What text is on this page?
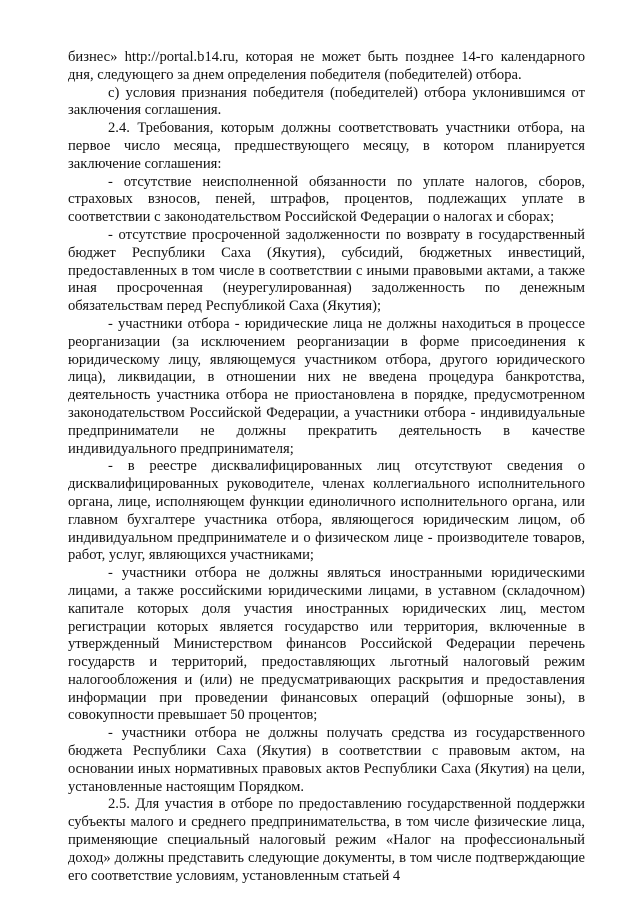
бизнес» http://portal.b14.ru, которая не может быть позднее 14-го календарного дня, следующего за днем определения победителя (победителей) отбора.

с) условия признания победителя (победителей) отбора уклонившимся от заключения соглашения.

2.4. Требования, которым должны соответствовать участники отбора, на первое число месяца, предшествующего месяцу, в котором планируется заключение соглашения:

- отсутствие неисполненной обязанности по уплате налогов, сборов, страховых взносов, пеней, штрафов, процентов, подлежащих уплате в соответствии с законодательством Российской Федерации о налогах и сборах;

- отсутствие просроченной задолженности по возврату в государственный бюджет Республики Саха (Якутия), субсидий, бюджетных инвестиций, предоставленных в том числе в соответствии с иными правовыми актами, а также иная просроченная (неурегулированная) задолженность по денежным обязательствам перед Республикой Саха (Якутия);

- участники отбора - юридические лица не должны находиться в процессе реорганизации (за исключением реорганизации в форме присоединения к юридическому лицу, являющемуся участником отбора, другого юридического лица), ликвидации, в отношении них не введена процедура банкротства, деятельность участника отбора не приостановлена в порядке, предусмотренном законодательством Российской Федерации, а участники отбора - индивидуальные предприниматели не должны прекратить деятельность в качестве индивидуального предпринимателя;

- в реестре дисквалифицированных лиц отсутствуют сведения о дисквалифицированных руководителе, членах коллегиального исполнительного органа, лице, исполняющем функции единоличного исполнительного органа, или главном бухгалтере участника отбора, являющегося юридическим лицом, об индивидуальном предпринимателе и о физическом лице - производителе товаров, работ, услуг, являющихся участниками;

- участники отбора не должны являться иностранными юридическими лицами, а также российскими юридическими лицами, в уставном (складочном) капитале которых доля участия иностранных юридических лиц, местом регистрации которых является государство или территория, включенные в утвержденный Министерством финансов Российской Федерации перечень государств и территорий, предоставляющих льготный налоговый режим налогообложения и (или) не предусматривающих раскрытия и предоставления информации при проведении финансовых операций (офшорные зоны), в совокупности превышает 50 процентов;

- участники отбора не должны получать средства из государственного бюджета Республики Саха (Якутия) в соответствии с правовым актом, на основании иных нормативных правовых актов Республики Саха (Якутия) на цели, установленные настоящим Порядком.

2.5. Для участия в отборе по предоставлению государственной поддержки субъекты малого и среднего предпринимательства, в том числе физические лица, применяющие специальный налоговый режим «Налог на профессиональный доход» должны представить следующие документы, в том числе подтверждающие его соответствие условиям, установленным статьей 4
